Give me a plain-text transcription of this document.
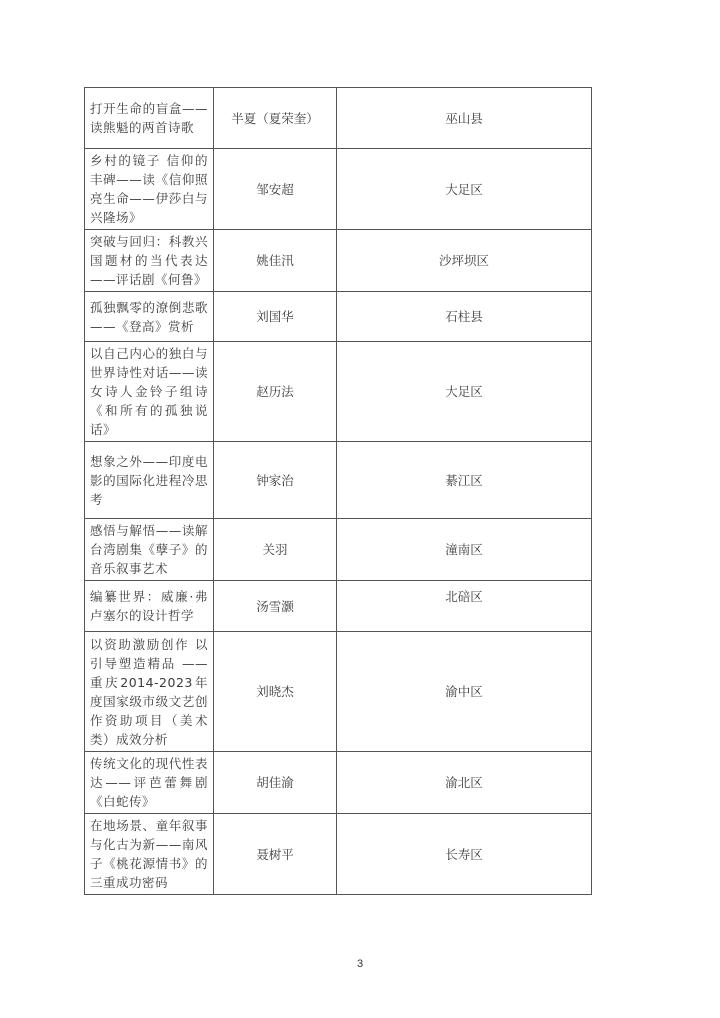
打开生命的盲盒——读熊魁的两首诗歌	半夏（夏荣奎）	巫山县
乡村的镜子 信仰的丰碑——读《信仰照亮生命——伊莎白与兴隆场》	邹安超	大足区
突破与回归：科教兴国题材的当代表达——评话剧《何鲁》	姚佳汛	沙坪坝区
孤独飘零的潦倒悲歌——《登高》赏析	刘国华	石柱县
以自己内心的独白与世界诗性对话——读女诗人金铃子组诗《和所有的孤独说话》	赵历法	大足区
想象之外——印度电影的国际化进程冷思考	钟家治	綦江区
感悟与解悟——读解台湾剧集《孽子》的音乐叙事艺术	关羽	潼南区
编纂世界：威廉·弗卢塞尔的设计哲学	汤雪灏	北碚区
以资助激励创作 以引导塑造精品 ——重庆2014-2023年度国家级市级文艺创作资助项目（美术类）成效分析	刘晓杰	渝中区
传统文化的现代性表达——评芭蕾舞剧《白蛇传》	胡佳渝	渝北区
在地场景、童年叙事与化古为新——南风子《桃花源情书》的三重成功密码	聂树平	长寿区
3
